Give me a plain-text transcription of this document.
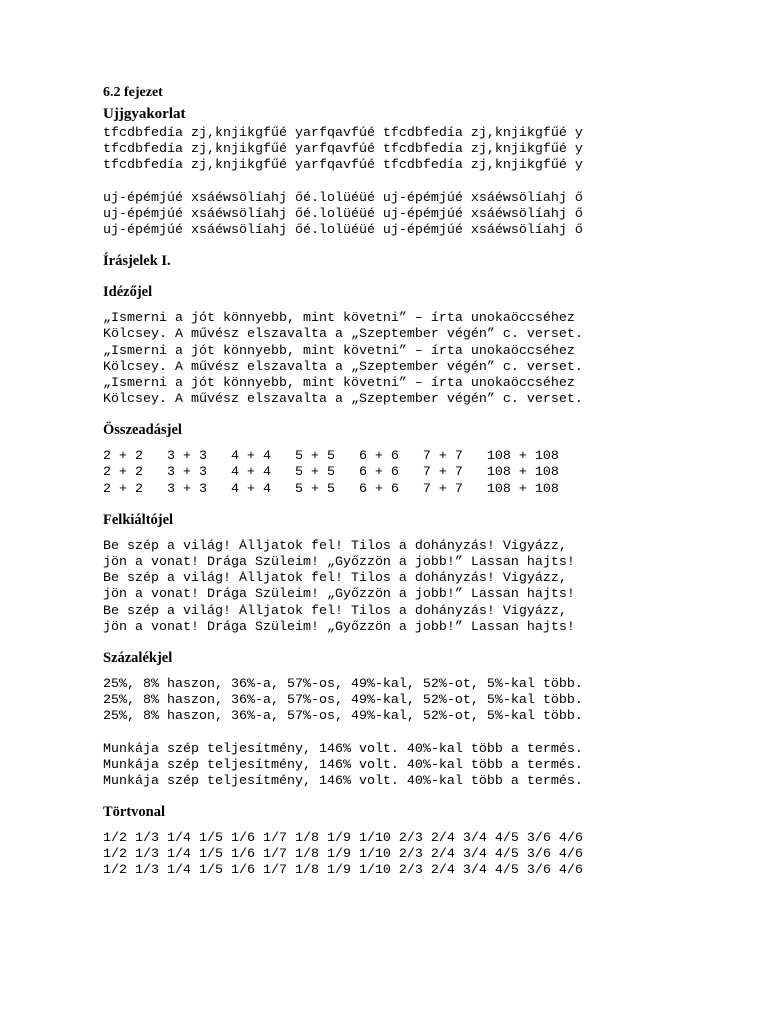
6.2 fejezet
Ujjgyakorlat
tfcdbfedía zj,knjikgfűé yarfqavfúé tfcdbfedía zj,knjikgfűé y
tfcdbfedía zj,knjikgfűé yarfqavfúé tfcdbfedía zj,knjikgfűé y
tfcdbfedía zj,knjikgfűé yarfqavfúé tfcdbfedía zj,knjikgfűé y
uj-épémjúé xsáéwsölíahj őé.lolüéüé uj-épémjúé xsáéwsölíahj ő
uj-épémjúé xsáéwsölíahj őé.lolüéüé uj-épémjúé xsáéwsölíahj ő
uj-épémjúé xsáéwsölíahj őé.lolüéüé uj-épémjúé xsáéwsölíahj ő
Írásjelek I.
Idézőjel
„Ismerni a jót könnyebb, mint követni” – írta unokaöccséhez
Kölcsey. A művész elszavalta a „Szeptember végén” c. verset.
„Ismerni a jót könnyebb, mint követni” – írta unokaöccséhez
Kölcsey. A művész elszavalta a „Szeptember végén” c. verset.
„Ismerni a jót könnyebb, mint követni” – írta unokaöccséhez
Kölcsey. A művész elszavalta a „Szeptember végén” c. verset.
Összeadásjel
2 + 2   3 + 3   4 + 4   5 + 5   6 + 6   7 + 7   108 + 108
2 + 2   3 + 3   4 + 4   5 + 5   6 + 6   7 + 7   108 + 108
2 + 2   3 + 3   4 + 4   5 + 5   6 + 6   7 + 7   108 + 108
Felkiáltójel
Be szép a világ! Álljatok fel! Tilos a dohányzás! Vigyázz,
jön a vonat! Drága Szüleim! „Győzzön a jobb!” Lassan hajts!
Be szép a világ! Álljatok fel! Tilos a dohányzás! Vigyázz,
jön a vonat! Drága Szüleim! „Győzzön a jobb!” Lassan hajts!
Be szép a világ! Álljatok fel! Tilos a dohányzás! Vigyázz,
jön a vonat! Drága Szüleim! „Győzzön a jobb!” Lassan hajts!
Százalékjel
25%, 8% haszon, 36%-a, 57%-os, 49%-kal, 52%-ot, 5%-kal több.
25%, 8% haszon, 36%-a, 57%-os, 49%-kal, 52%-ot, 5%-kal több.
25%, 8% haszon, 36%-a, 57%-os, 49%-kal, 52%-ot, 5%-kal több.
Munkája szép teljesítmény, 146% volt. 40%-kal több a termés.
Munkája szép teljesítmény, 146% volt. 40%-kal több a termés.
Munkája szép teljesítmény, 146% volt. 40%-kal több a termés.
Törtvonal
1/2 1/3 1/4 1/5 1/6 1/7 1/8 1/9 1/10 2/3 2/4 3/4 4/5 3/6 4/6
1/2 1/3 1/4 1/5 1/6 1/7 1/8 1/9 1/10 2/3 2/4 3/4 4/5 3/6 4/6
1/2 1/3 1/4 1/5 1/6 1/7 1/8 1/9 1/10 2/3 2/4 3/4 4/5 3/6 4/6
